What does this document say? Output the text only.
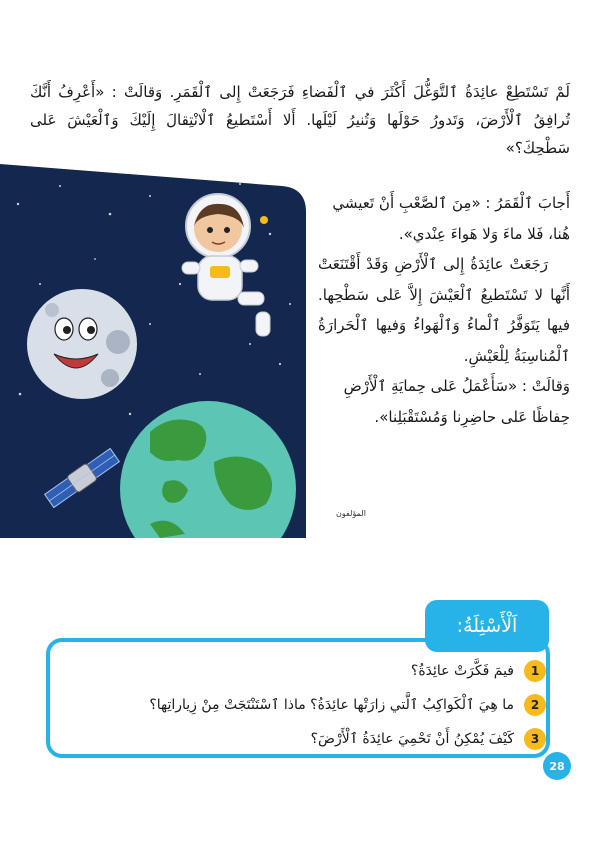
لَمْ تَسْتَطِعْ عائِدَةُ ٱلتَّوَغُّلَ أَكْثَرَ في ٱلْفَضاءِ فَرَجَعَتْ إِلى ٱلْقَمَرِ. وَقالَتْ : «أَعْرِفُ أَنَّكَ تُرافِقُ ٱلْأَرْضَ، وَتَدورُ حَوْلَها وَتُنيرُ لَيْلَها. أَلا أَسْتَطيعُ ٱلْانْتِقالَ إِلَيْكَ وَٱلْعَيْشَ عَلى سَطْحِكَ؟»

أَجابَ ٱلْقَمَرُ : «مِنَ ٱلصَّعْبِ أَنْ تَعيشي هُنا، فَلا ماءَ وَلا هَواءَ عِنْدي».

رَجَعَتْ عائِدَةُ إِلى ٱلْأَرْضِ وَقَدْ أَقْتَنَعَتْ أَنَّها لا تَسْتَطيعُ ٱلْعَيْشَ إِلاَّ عَلى سَطْحِها. فيها يَتَوَفَّرُ ٱلْماءُ وَٱلْهَواءُ وَفيها ٱلْحَرارَةُ ٱلْمُناسِبَةُ لِلْعَيْشِ.

وَقالَتْ : «سَأَعْمَلُ عَلى حِمايَةِ ٱلْأَرْضِ حِفاظًا عَلى حاضِرِنا وَمُسْتَقْبَلِنا».

المؤلفون
اَلْأَسْئِلَةُ:
1
فيمَ فَكَّرَتْ عائِدَةُ؟
2
ما هِيَ ٱلْكَواكِبُ ٱلَّتي زارَتْها عائِدَةُ؟ ماذا ٱسْتَنْتَجَتْ مِنْ زِياراتِها؟
3
كَيْفَ يُمْكِنُ أَنْ تَحْمِيَ عائِدَةُ ٱلْأَرْضَ؟
28
